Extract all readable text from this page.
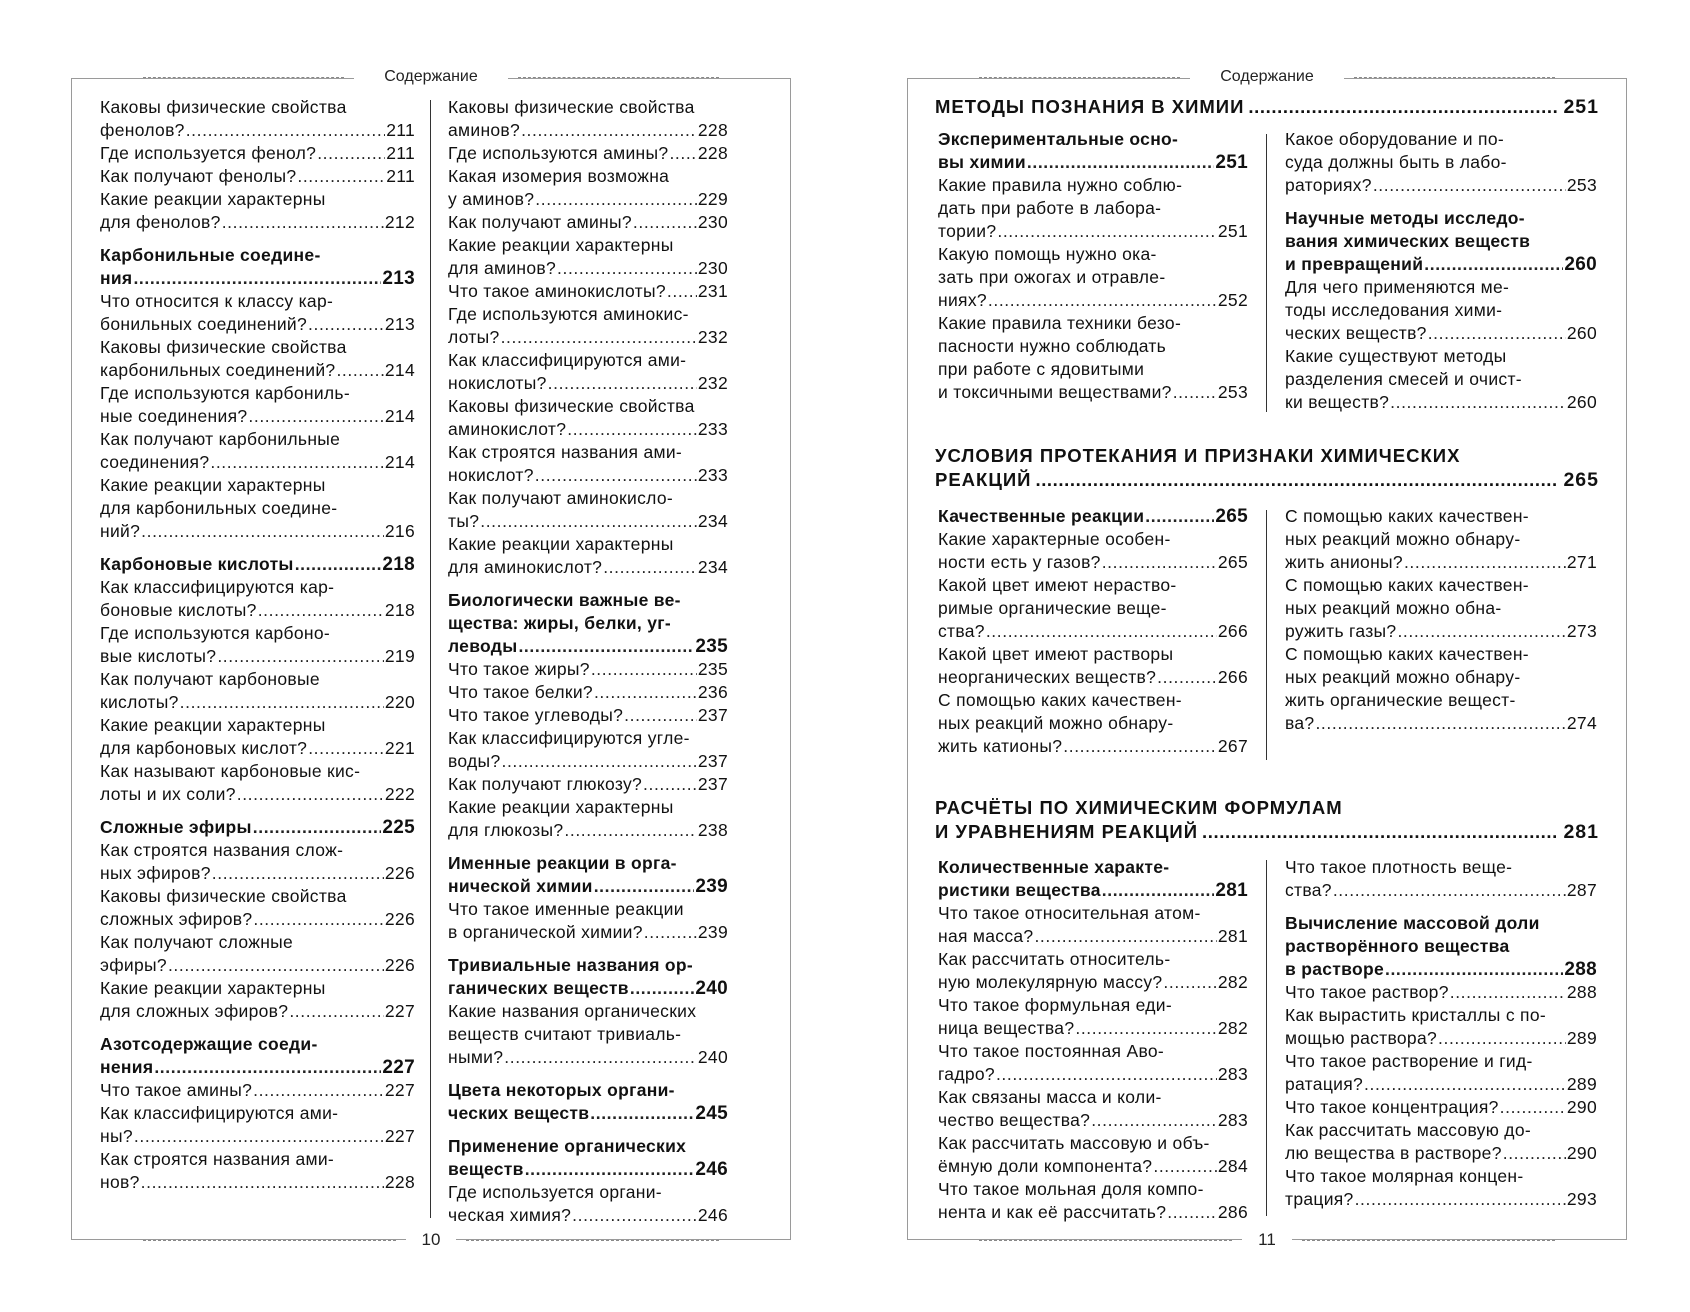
Содержание
10
Каковы физические свойства
фенолов? .....	211
Где используется фенол? .....	211
Как получают фенолы? .....	211
Какие реакции характерны
для фенолов? .....	212
Карбонильные соедине-
ния .....	213
Что относится к классу кар-
бонильных соединений? .....	213
Каковы физические свойства
карбонильных соединений? .....	214
Где используются карбониль-
ные соединения? .....	214
Как получают карбонильные
соединения? .....	214
Какие реакции характерны
для карбонильных соедине-
ний? .....	216
Карбоновые кислоты .....	218
Как классифицируются кар-
боновые кислоты? .....	218
Где используются карбоно-
вые кислоты? .....	219
Как получают карбоновые
кислоты? .....	220
Какие реакции характерны
для карбоновых кислот? .....	221
Как называют карбоновые кис-
лоты и их соли? .....	222
Сложные эфиры .....	225
Как строятся названия слож-
ных эфиров? .....	226
Каковы физические свойства
сложных эфиров? .....	226
Как получают сложные
эфиры? .....	226
Какие реакции характерны
для сложных эфиров? .....	227
Азотсодержащие соеди-
нения .....	227
Что такое амины? .....	227
Как классифицируются ами-
ны? .....	227
Как строятся названия ами-
нов? .....	228
Каковы физические свойства
аминов? .....	228
Где используются амины? ..... 228
Какая изомерия возможна
у аминов? .....	229
Как получают амины? .....	230
Какие реакции характерны
для аминов? .....	230
Что такое аминокислоты? ..... 231
Где используются аминокис-
лоты? .....	232
Как классифицируются ами-
нокислоты? .....	232
Каковы физические свойства
аминокислот? .....	233
Как строятся названия ами-
нокислот? .....	233
Как получают аминокисло-
ты? .....	234
Какие реакции характерны
для аминокислот? .....	234
Биологически важные ве-
щества: жиры, белки, уг-
леводы .....	235
Что такое жиры? .....	235
Что такое белки? .....	236
Что такое углеводы? .....	237
Как классифицируются угле-
воды? .....	237
Как получают глюкозу? .....	237
Какие реакции характерны
для глюкозы? .....	238
Именные реакции в орга-
нической химии .....	239
Что такое именные реакции
в органической химии? .....	239
Тривиальные названия ор-
ганических веществ .....	240
Какие названия органических
веществ считают тривиаль-
ными? .....	240
Цвета некоторых органи-
ческих веществ .....	245
Применение органических
веществ .....	246
Где используется органи-
ческая химия? .....	246
Содержание
11
МЕТОДЫ ПОЗНАНИЯ В ХИМИИ .....	251
Экспериментальные осно-
вы химии .....	251
Какие правила нужно соблю-
дать при работе в лабора-
тории? .....	251
Какую помощь нужно ока-
зать при ожогах и отравле-
ниях? .....	252
Какие правила техники безо-
пасности нужно соблюдать
при работе с ядовитыми
и токсичными веществами? .....	253
Какое оборудование и по-
суда должны быть в лабо-
раториях? .....	253
Научные методы исследо-
вания химических веществ
и превращений .....	260
Для чего применяются ме-
тоды исследования хими-
ческих веществ? .....	260
Какие существуют методы
разделения смесей и очист-
ки веществ? .....	260
УСЛОВИЯ ПРОТЕКАНИЯ И ПРИЗНАКИ ХИМИЧЕСКИХ
РЕАКЦИЙ .....	265
Качественные реакции .....	265
Какие характерные особен-
ности есть у газов? .....	265
Какой цвет имеют нераство-
римые органические веще-
ства? .....	266
Какой цвет имеют растворы
неорганических веществ? .....	266
С помощью каких качествен-
ных реакций можно обнару-
жить катионы? .....	267
С помощью каких качествен-
ных реакций можно обнару-
жить анионы? .....	271
С помощью каких качествен-
ных реакций можно обна-
ружить газы? .....	273
С помощью каких качествен-
ных реакций можно обнару-
жить органические вещест-
ва? .....	274
РАСЧЁТЫ ПО ХИМИЧЕСКИМ ФОРМУЛАМ
И УРАВНЕНИЯМ РЕАКЦИЙ .....	281
Количественные характе-
ристики вещества .....	281
Что такое относительная атом-
ная масса? .....	281
Как рассчитать относитель-
ную молекулярную массу? .....	282
Что такое формульная еди-
ница вещества? .....	282
Что такое постоянная Аво-
гадро? .....	283
Как связаны масса и коли-
чество вещества? .....	283
Как рассчитать массовую и объ-
ёмную доли компонента? .....	284
Что такое мольная доля компо-
нента и как её рассчитать? .....	286
Что такое плотность веще-
ства? .....	287
Вычисление массовой доли
растворённого вещества
в растворе .....	288
Что такое раствор? .....	288
Как вырастить кристаллы с по-
мощью раствора? .....	289
Что такое растворение и гид-
ратация? .....	289
Что такое концентрация? .....	290
Как рассчитать массовую до-
лю вещества в растворе? .....	290
Что такое молярная концен-
трация? .....	293
